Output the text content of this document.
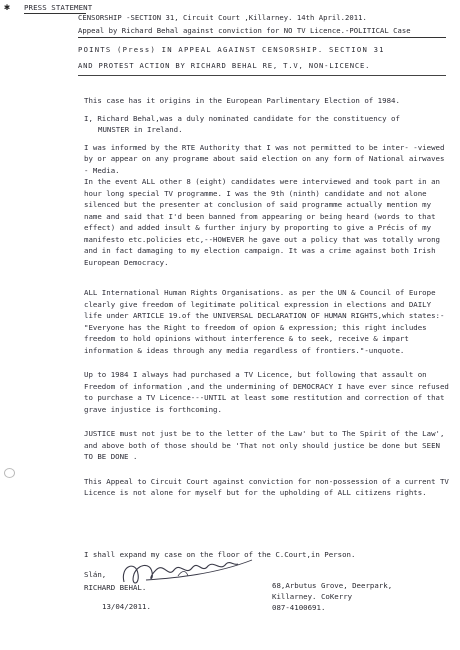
✱ PRESS STATEMENT
CENSORSHIP -SECTION 31, Circuit Court ,Killarney. 14th April.2011.
Appeal by Richard Behal against conviction for NO TV Licence.-POLITICAL Case
POINTS (Press) IN APPEAL AGAINST CENSORSHIP. SECTION 31
AND PROTEST ACTION BY RICHARD BEHAL RE, T.V, NON-LICENCE.

This case has it origins in the European Parlimentary Election of 1984.

I, Richard Behal,was a duly nominated candidate for the constituency of

MUNSTER in Ireland.

I was informed by the RTE Authority that I was not permitted to be inter- -viewed by or appear on any programe about said election on any form of National airwaves - Media.

In the event ALL other 8 (eight) candidates were interviewed and took part in an hour long special TV programme. I was the 9th (ninth) candidate and not alone silenced but the presenter at conclusion of said programme actually mention my name and said that I'd been banned from appearing or being heard (words to that effect) and added insult & further injury by proporting to give a Précis of my manifesto etc.policies etc,--HOWEVER he gave out a policy that was totally wrong and in fact damaging to my election campaign. It was a crime against both Irish European Democracy.

ALL International Human Rights Organisations. as per the UN & Council of Europe clearly give freedom of legitimate political expression in elections and DAILY life under ARTICLE 19.of the UNIVERSAL DECLARATION OF HUMAN RIGHTS,which states:- "Everyone has the Right to freedom of opion & expression; this right includes freedom to hold opinions without interference & to seek, receive & impart information & ideas through any media regardless of frontiers."-unquote.

Up to 1984 I always had purchased a TV Licence, but following that assault on Freedom of information ,and the undermining of DEMOCRACY I have ever since refused to purchase a TV Licence---UNTIL at least some restitution and correction of that grave injustice is forthcoming.

JUSTICE must not just be to the letter of the Law' but to The Spirit of the Law', and above both of those should be 'That not only should justice be done but SEEN TO BE DONE .

This Appeal to Circuit Court against conviction for non-possession of a current TV Licence is not alone for myself but for the upholding of ALL citizens rights.

I shall expand my case on the floor of the C.Court,in Person.
Slán,
RICHARD BEHAL.
13/04/2011.
68,Arbutus Grove, Deerpark,
Killarney. CoKerry
087-4100691.
